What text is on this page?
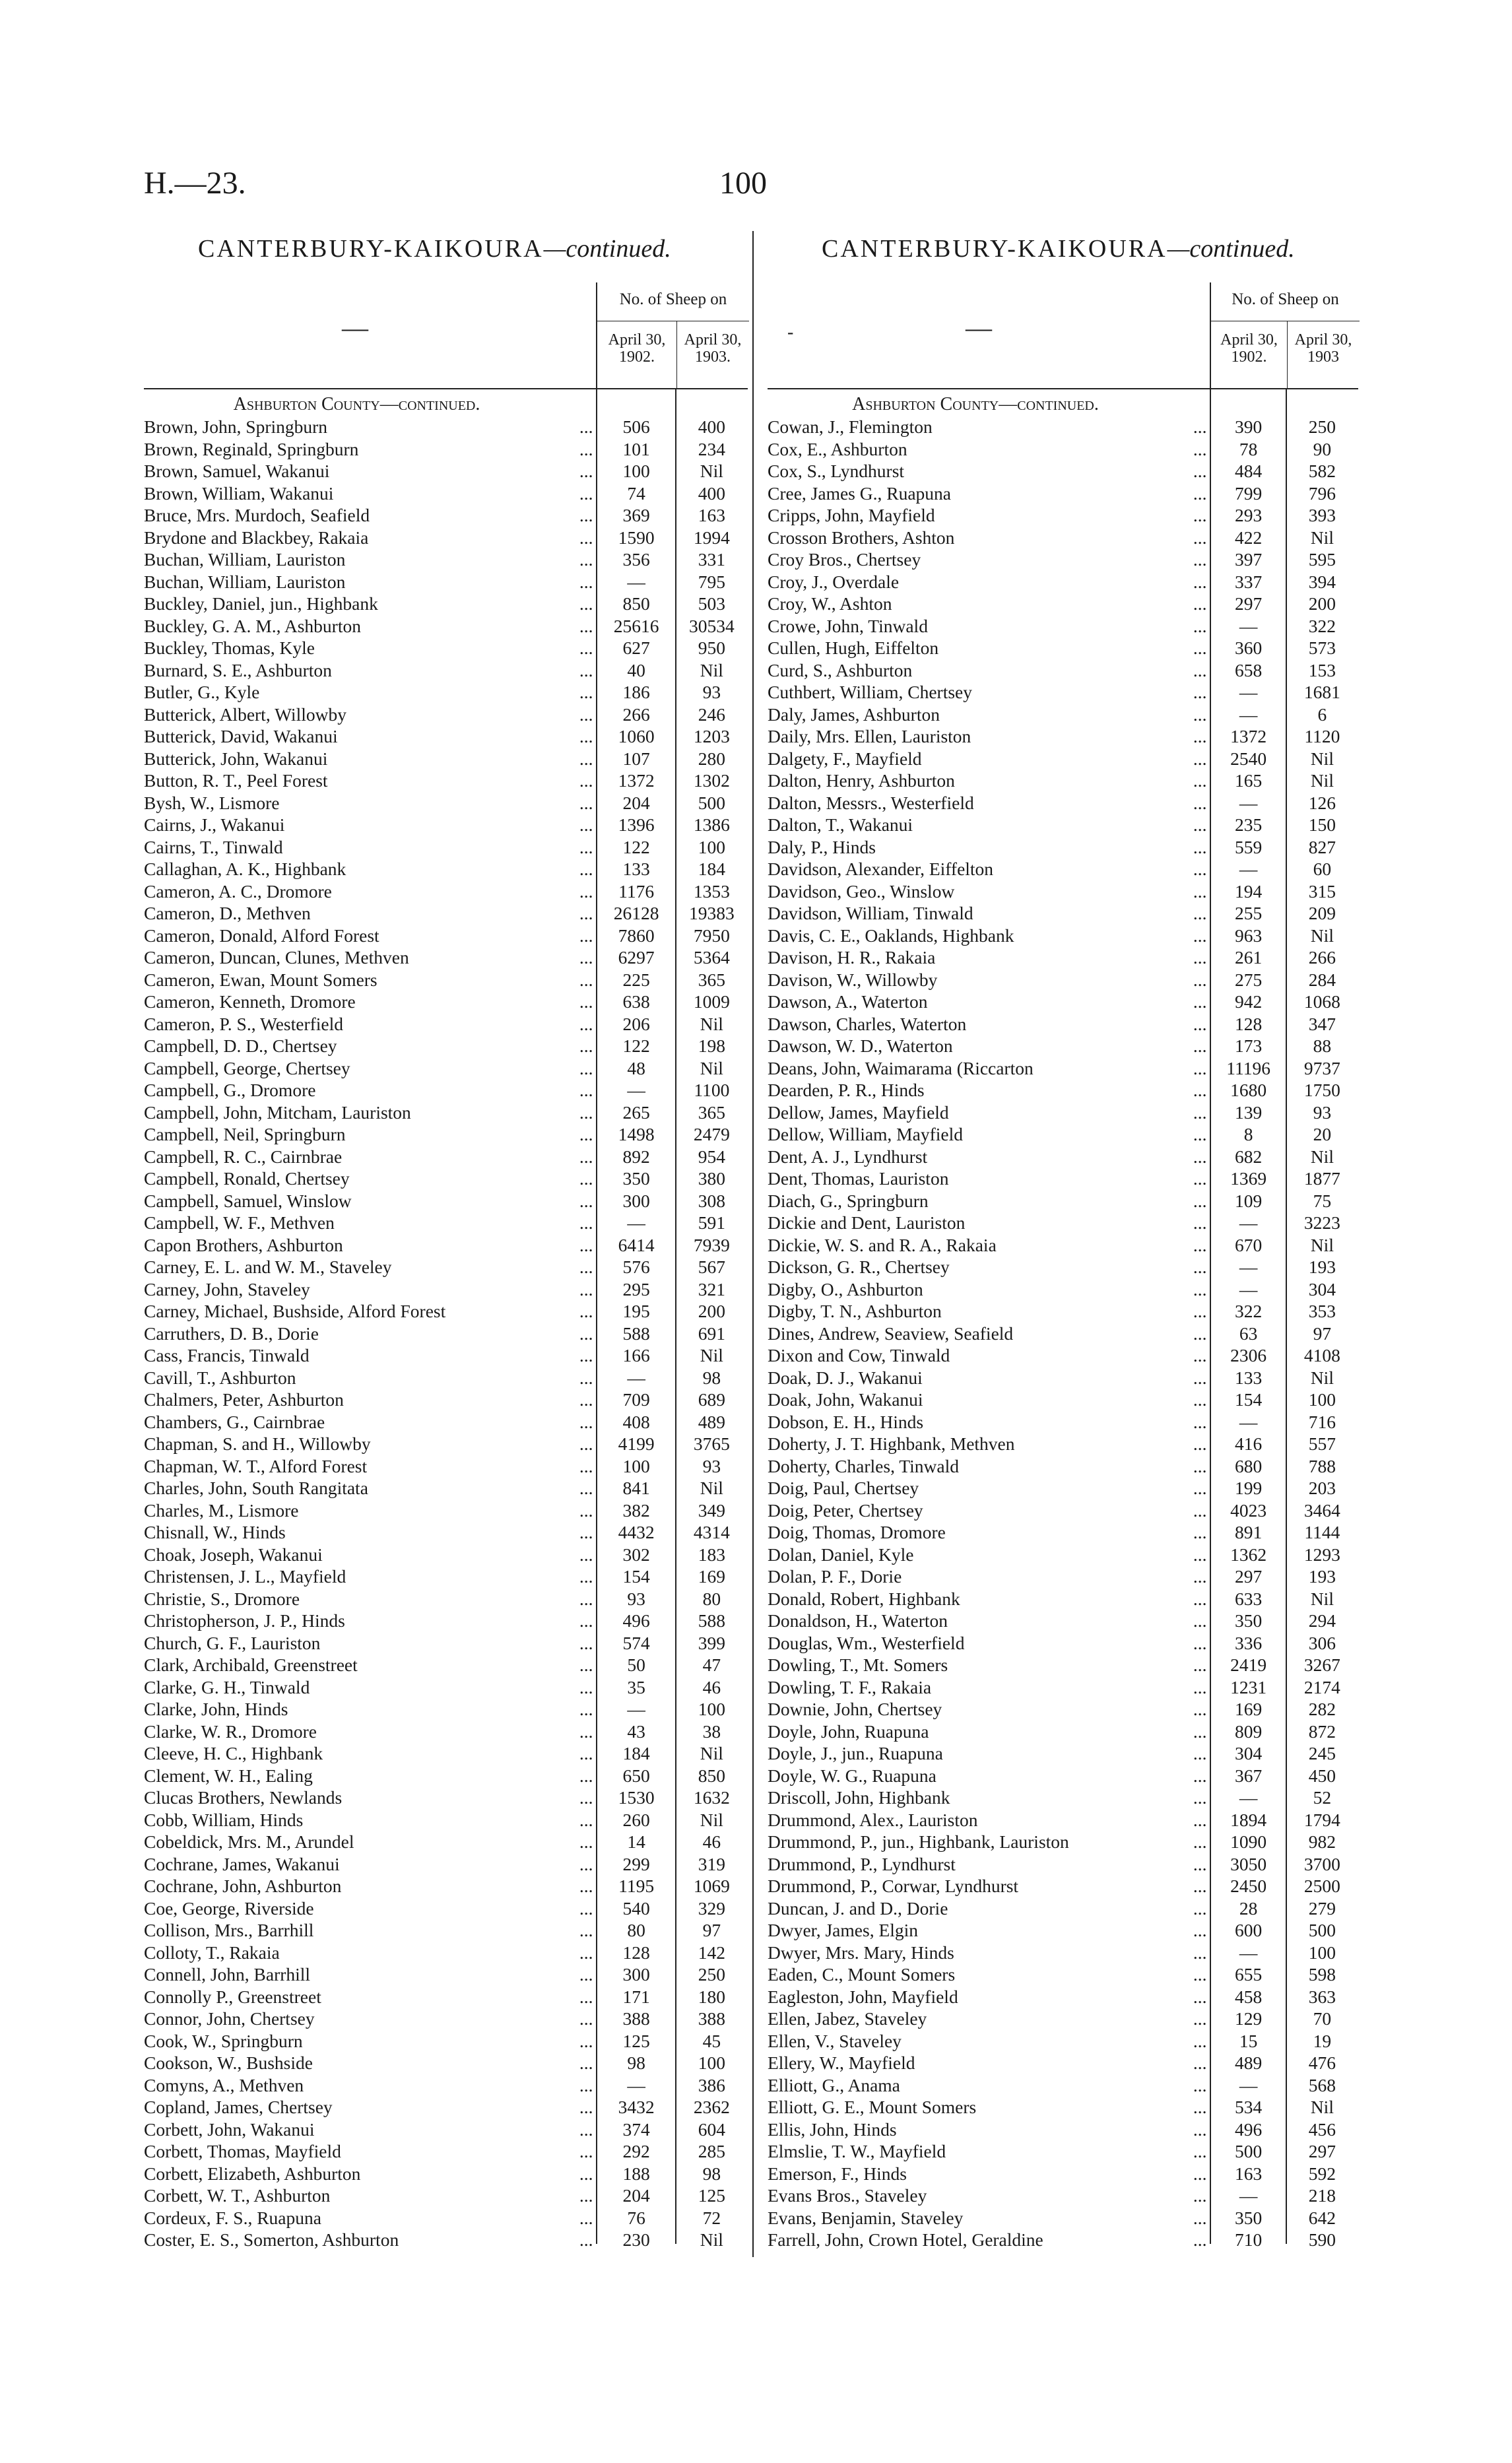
H.—23.	100
CANTERBURY-KAIKOURA—continued.	CANTERBURY-KAIKOURA—continued.
—
No. of Sheep on
April 30,
1902.
April 30,
1903.
Ashburton County—continued.
Brown, John, Springburn	...	506	400
Brown, Reginald, Springburn	...	101	234
Brown, Samuel, Wakanui	...	100	Nil
Brown, William, Wakanui	...	74	400
Bruce, Mrs. Murdoch, Seafield	...	369	163
Brydone and Blackbey, Rakaia	...	1590	1994
Buchan, William, Lauriston	...	356	331
Buchan, William, Lauriston	...	—	795
Buckley, Daniel, jun., Highbank	...	850	503
Buckley, G. A. M., Ashburton	...	25616	30534
Buckley, Thomas, Kyle	...	627	950
Burnard, S. E., Ashburton	...	40	Nil
Butler, G., Kyle	...	186	93
Butterick, Albert, Willowby	...	266	246
Butterick, David, Wakanui	...	1060	1203
Butterick, John, Wakanui	...	107	280
Button, R. T., Peel Forest	...	1372	1302
Bysh, W., Lismore	...	204	500
Cairns, J., Wakanui	...	1396	1386
Cairns, T., Tinwald	...	122	100
Callaghan, A. K., Highbank	...	133	184
Cameron, A. C., Dromore	...	1176	1353
Cameron, D., Methven	...	26128	19383
Cameron, Donald, Alford Forest	...	7860	7950
Cameron, Duncan, Clunes, Methven	...	6297	5364
Cameron, Ewan, Mount Somers	...	225	365
Cameron, Kenneth, Dromore	...	638	1009
Cameron, P. S., Westerfield	...	206	Nil
Campbell, D. D., Chertsey	...	122	198
Campbell, George, Chertsey	...	48	Nil
Campbell, G., Dromore	...	—	1100
Campbell, John, Mitcham, Lauriston	...	265	365
Campbell, Neil, Springburn	...	1498	2479
Campbell, R. C., Cairnbrae	...	892	954
Campbell, Ronald, Chertsey	...	350	380
Campbell, Samuel, Winslow	...	300	308
Campbell, W. F., Methven	...	—	591
Capon Brothers, Ashburton	...	6414	7939
Carney, E. L. and W. M., Staveley	...	576	567
Carney, John, Staveley	...	295	321
Carney, Michael, Bushside, Alford Forest	...	195	200
Carruthers, D. B., Dorie	...	588	691
Cass, Francis, Tinwald	...	166	Nil
Cavill, T., Ashburton	...	—	98
Chalmers, Peter, Ashburton	...	709	689
Chambers, G., Cairnbrae	...	408	489
Chapman, S. and H., Willowby	...	4199	3765
Chapman, W. T., Alford Forest	...	100	93
Charles, John, South Rangitata	...	841	Nil
Charles, M., Lismore	...	382	349
Chisnall, W., Hinds	...	4432	4314
Choak, Joseph, Wakanui	...	302	183
Christensen, J. L., Mayfield	...	154	169
Christie, S., Dromore	...	93	80
Christopherson, J. P., Hinds	...	496	588
Church, G. F., Lauriston	...	574	399
Clark, Archibald, Greenstreet	...	50	47
Clarke, G. H., Tinwald	...	35	46
Clarke, John, Hinds	...	—	100
Clarke, W. R., Dromore	...	43	38
Cleeve, H. C., Highbank	...	184	Nil
Clement, W. H., Ealing	...	650	850
Clucas Brothers, Newlands	...	1530	1632
Cobb, William, Hinds	...	260	Nil
Cobeldick, Mrs. M., Arundel	...	14	46
Cochrane, James, Wakanui	...	299	319
Cochrane, John, Ashburton	...	1195	1069
Coe, George, Riverside	...	540	329
Collison, Mrs., Barrhill	...	80	97
Colloty, T., Rakaia	...	128	142
Connell, John, Barrhill	...	300	250
Connolly P., Greenstreet	...	171	180
Connor, John, Chertsey	...	388	388
Cook, W., Springburn	...	125	45
Cookson, W., Bushside	...	98	100
Comyns, A., Methven	...	—	386
Copland, James, Chertsey	...	3432	2362
Corbett, John, Wakanui	...	374	604
Corbett, Thomas, Mayfield	...	292	285
Corbett, Elizabeth, Ashburton	...	188	98
Corbett, W. T., Ashburton	...	204	125
Cordeux, F. S., Ruapuna	...	76	72
Coster, E. S., Somerton, Ashburton	...	230	Nil
—
-
No. of Sheep on
April 30,
1902.
April 30,
1903
Ashburton County—continued.
Cowan, J., Flemington	...	390	250
Cox, E., Ashburton	...	78	90
Cox, S., Lyndhurst	...	484	582
Cree, James G., Ruapuna	...	799	796
Cripps, John, Mayfield	...	293	393
Crosson Brothers, Ashton	...	422	Nil
Croy Bros., Chertsey	...	397	595
Croy, J., Overdale	...	337	394
Croy, W., Ashton	...	297	200
Crowe, John, Tinwald	...	—	322
Cullen, Hugh, Eiffelton	...	360	573
Curd, S., Ashburton	...	658	153
Cuthbert, William, Chertsey	...	—	1681
Daly, James, Ashburton	...	—	6
Daily, Mrs. Ellen, Lauriston	...	1372	1120
Dalgety, F., Mayfield	...	2540	Nil
Dalton, Henry, Ashburton	...	165	Nil
Dalton, Messrs., Westerfield	...	—	126
Dalton, T., Wakanui	...	235	150
Daly, P., Hinds	...	559	827
Davidson, Alexander, Eiffelton	...	—	60
Davidson, Geo., Winslow	...	194	315
Davidson, William, Tinwald	...	255	209
Davis, C. E., Oaklands, Highbank	...	963	Nil
Davison, H. R., Rakaia	...	261	266
Davison, W., Willowby	...	275	284
Dawson, A., Waterton	...	942	1068
Dawson, Charles, Waterton	...	128	347
Dawson, W. D., Waterton	...	173	88
Deans, John, Waimarama (Riccarton	...	11196	9737
Dearden, P. R., Hinds	...	1680	1750
Dellow, James, Mayfield	...	139	93
Dellow, William, Mayfield	...	8	20
Dent, A. J., Lyndhurst	...	682	Nil
Dent, Thomas, Lauriston	...	1369	1877
Diach, G., Springburn	...	109	75
Dickie and Dent, Lauriston	...	—	3223
Dickie, W. S. and R. A., Rakaia	...	670	Nil
Dickson, G. R., Chertsey	...	—	193
Digby, O., Ashburton	...	—	304
Digby, T. N., Ashburton	...	322	353
Dines, Andrew, Seaview, Seafield	...	63	97
Dixon and Cow, Tinwald	...	2306	4108
Doak, D. J., Wakanui	...	133	Nil
Doak, John, Wakanui	...	154	100
Dobson, E. H., Hinds	...	—	716
Doherty, J. T. Highbank, Methven	...	416	557
Doherty, Charles, Tinwald	...	680	788
Doig, Paul, Chertsey	...	199	203
Doig, Peter, Chertsey	...	4023	3464
Doig, Thomas, Dromore	...	891	1144
Dolan, Daniel, Kyle	...	1362	1293
Dolan, P. F., Dorie	...	297	193
Donald, Robert, Highbank	...	633	Nil
Donaldson, H., Waterton	...	350	294
Douglas, Wm., Westerfield	...	336	306
Dowling, T., Mt. Somers	...	2419	3267
Dowling, T. F., Rakaia	...	1231	2174
Downie, John, Chertsey	...	169	282
Doyle, John, Ruapuna	...	809	872
Doyle, J., jun., Ruapuna	...	304	245
Doyle, W. G., Ruapuna	...	367	450
Driscoll, John, Highbank	...	—	52
Drummond, Alex., Lauriston	...	1894	1794
Drummond, P., jun., Highbank, Lauriston	...	1090	982
Drummond, P., Lyndhurst	...	3050	3700
Drummond, P., Corwar, Lyndhurst	...	2450	2500
Duncan, J. and D., Dorie	...	28	279
Dwyer, James, Elgin	...	600	500
Dwyer, Mrs. Mary, Hinds	...	—	100
Eaden, C., Mount Somers	...	655	598
Eagleston, John, Mayfield	...	458	363
Ellen, Jabez, Staveley	...	129	70
Ellen, V., Staveley	...	15	19
Ellery, W., Mayfield	...	489	476
Elliott, G., Anama	...	—	568
Elliott, G. E., Mount Somers	...	534	Nil
Ellis, John, Hinds	...	496	456
Elmslie, T. W., Mayfield	...	500	297
Emerson, F., Hinds	...	163	592
Evans Bros., Staveley	...	—	218
Evans, Benjamin, Staveley	...	350	642
Farrell, John, Crown Hotel, Geraldine	...	710	590
